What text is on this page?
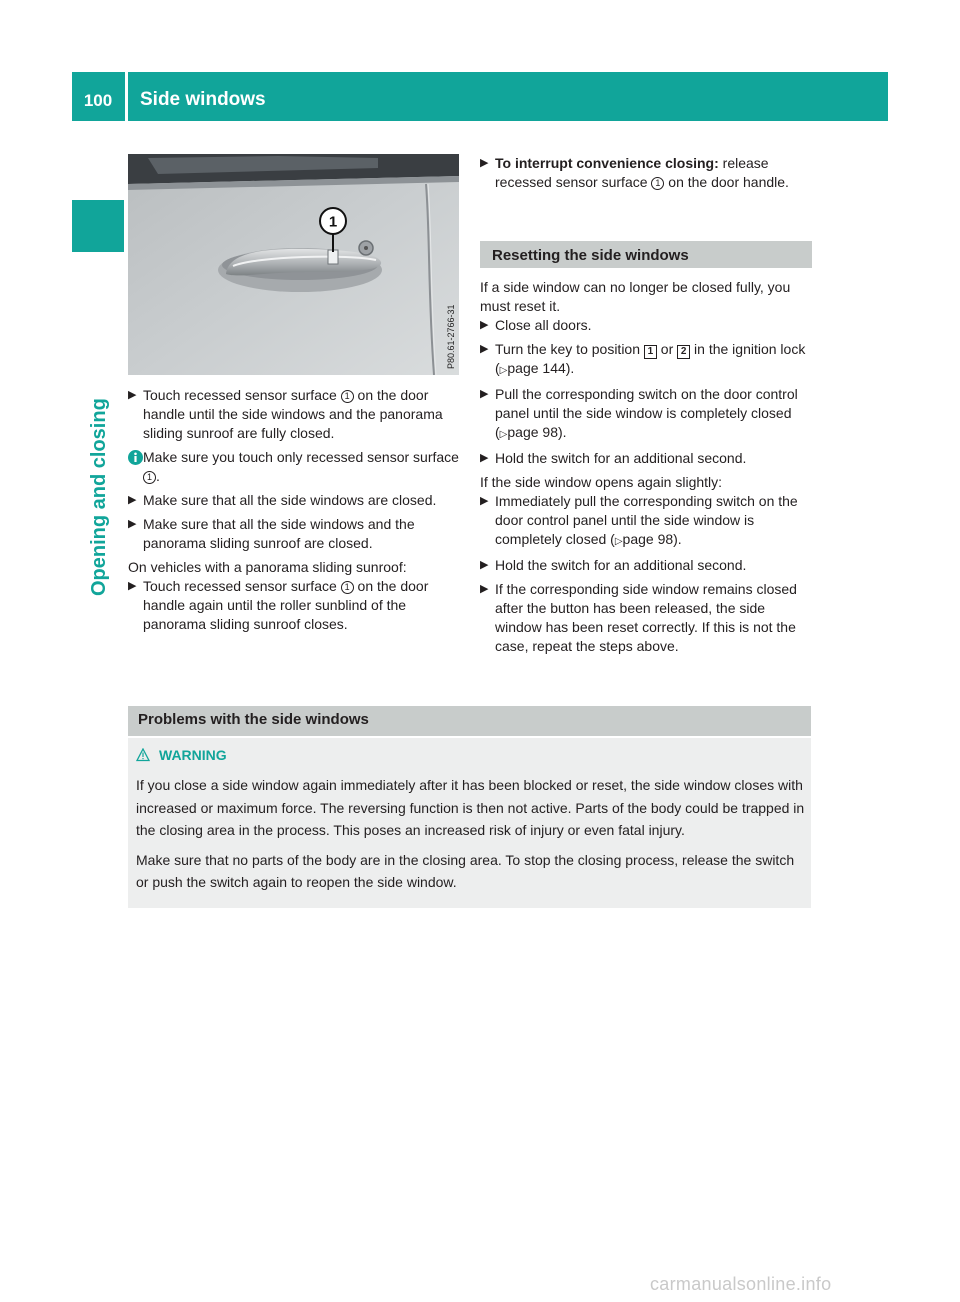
100	Side windows
Opening and closing
1
P80.61-2766-31
▶ Touch recessed sensor surface 1 on the door handle until the side windows and the panorama sliding sunroof are fully closed.
Make sure you touch only recessed sensor surface 1 .
▶ Make sure that all the side windows are closed.
▶ Make sure that all the side windows and the panorama sliding sunroof are closed.

On vehicles with a panorama sliding sunroof:

▶ Touch recessed sensor surface 1 on the door handle again until the roller sunblind of the panorama sliding sunroof closes.
▶ To interrupt convenience closing: release recessed sensor surface 1 on the door handle.
Resetting the side windows

If a side window can no longer be closed fully, you must reset it.

▶ Close all doors.
▶ Turn the key to position 1 or 2 in the ignition lock (▷page 144).
▶ Pull the corresponding switch on the door control panel until the side window is completely closed (▷page 98).
▶ Hold the switch for an additional second.

If the side window opens again slightly:

▶ Immediately pull the corresponding switch on the door control panel until the side window is completely closed (▷page 98).
▶ Hold the switch for an additional second.
▶ If the corresponding side window remains closed after the button has been released, the side window has been reset correctly. If this is not the case, repeat the steps above.
Problems with the side windows
WARNING

If you close a side window again immediately after it has been blocked or reset, the side window closes with increased or maximum force. The reversing function is then not active. Parts of the body could be trapped in the closing area in the process. This poses an increased risk of injury or even fatal injury.

Make sure that no parts of the body are in the closing area. To stop the closing process, release the switch or push the switch again to reopen the side window.

carmanualsonline.info
